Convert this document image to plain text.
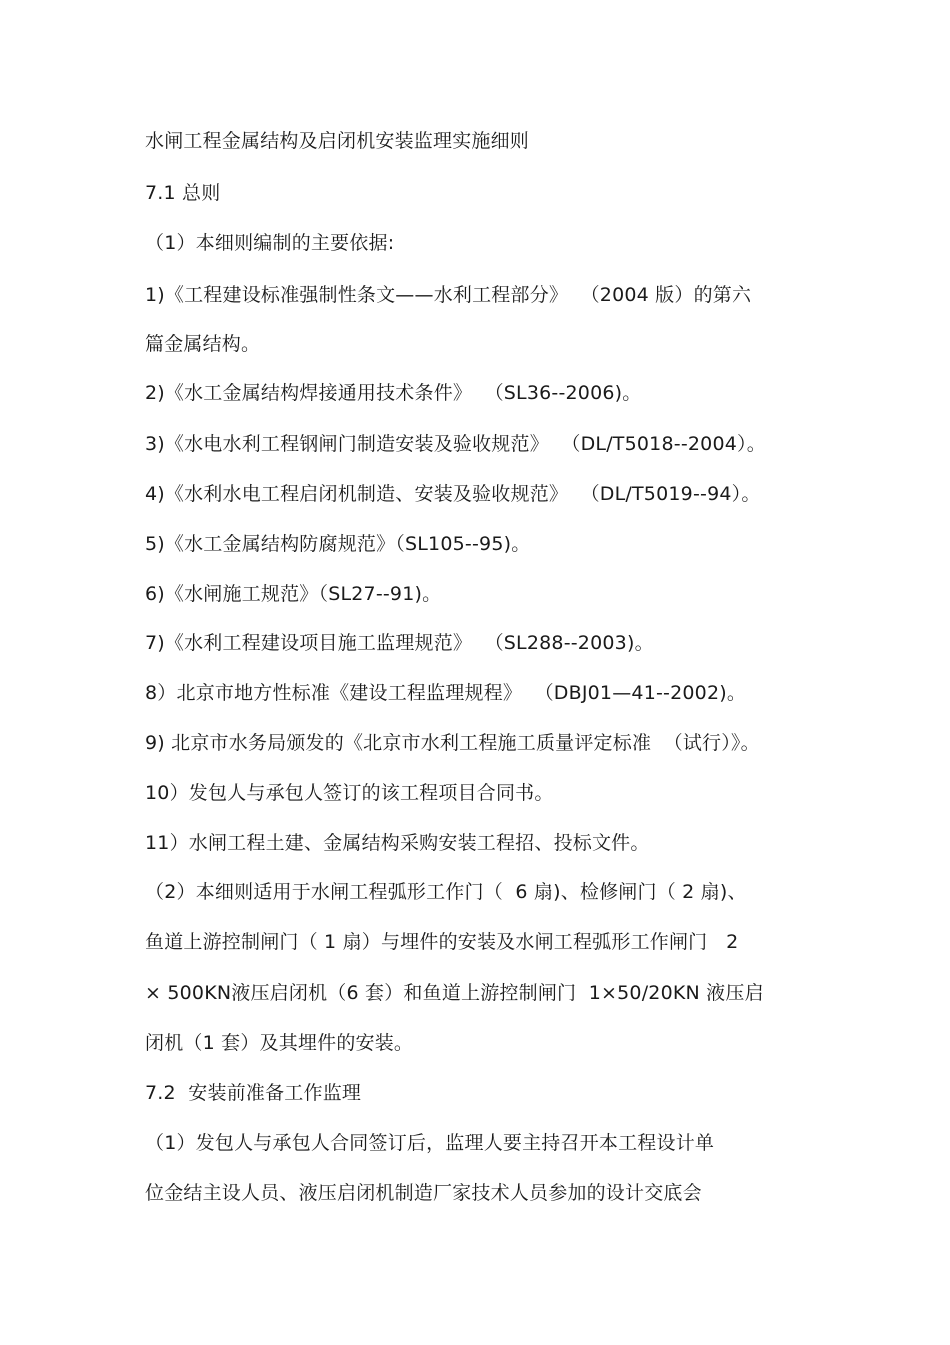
水闸工程金属结构及启闭机安装监理实施细则
7.1 总则
（1）本细则编制的主要依据:
1)《工程建设标准强制性条文——水利工程部分》  （2004 版）的第六
篇金属结构。
2)《水工金属结构焊接通用技术条件》  （SL36--2006)。
3)《水电水利工程钢闸门制造安装及验收规范》  （DL/T5018--2004）。
4)《水利水电工程启闭机制造、安装及验收规范》  （DL/T5019--94）。
5)《水工金属结构防腐规范》（SL105--95)。
6)《水闸施工规范》（SL27--91)。
7)《水利工程建设项目施工监理规范》  （SL288--2003)。
8）北京市地方性标准《建设工程监理规程》  （DBJ01—41--2002)。
9) 北京市水务局颁发的《北京市水利工程施工质量评定标准  （试行）》。
10）发包人与承包人签订的该工程项目合同书。
11）水闸工程土建、金属结构采购安装工程招、投标文件。
（2）本细则适用于水闸工程弧形工作门（  6 扇)、检修闸门（ 2 扇)、
鱼道上游控制闸门（ 1 扇）与埋件的安装及水闸工程弧形工作闸门   2
× 500KN液压启闭机（6 套）和鱼道上游控制闸门  1×50/20KN 液压启
闭机（1 套）及其埋件的安装。
7.2  安装前准备工作监理
（1）发包人与承包人合同签订后，监理人要主持召开本工程设计单
位金结主设人员、液压启闭机制造厂家技术人员参加的设计交底会
